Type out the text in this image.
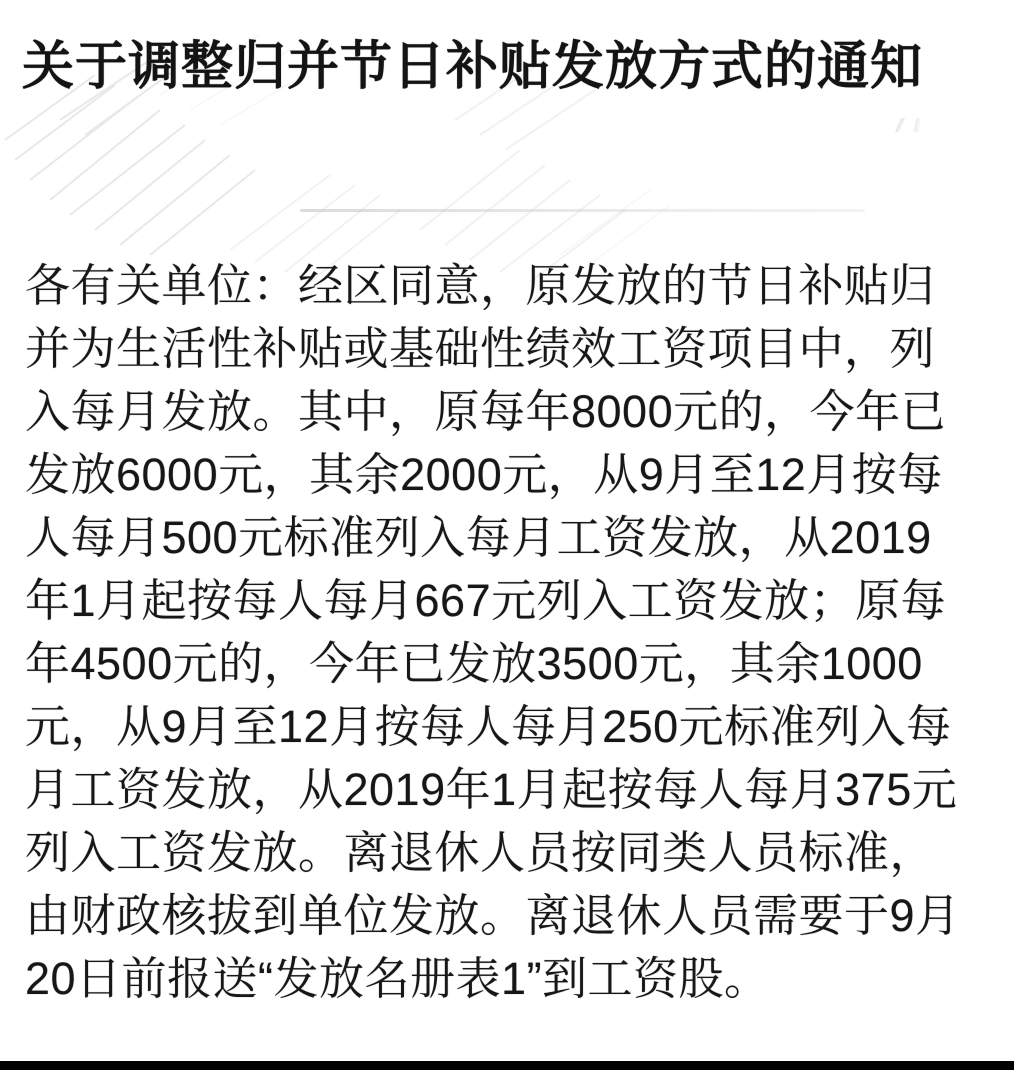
关于调整归并节日补贴发放方式的通知
各有关单位：经区同意，原发放的节日补贴归
并为生活性补贴或基础性绩效工资项目中，列
入每月发放。其中，原每年8000元的，今年已
发放6000元，其余2000元，从9月至12月按每
人每月500元标准列入每月工资发放，从2019
年1月起按每人每月667元列入工资发放；原每
年4500元的，今年已发放3500元，其余1000
元，从9月至12月按每人每月250元标准列入每
月工资发放，从2019年1月起按每人每月375元
列入工资发放。离退休人员按同类人员标准，
由财政核拔到单位发放。离退休人员需要于9月
20日前报送“发放名册表1”到工资股。
